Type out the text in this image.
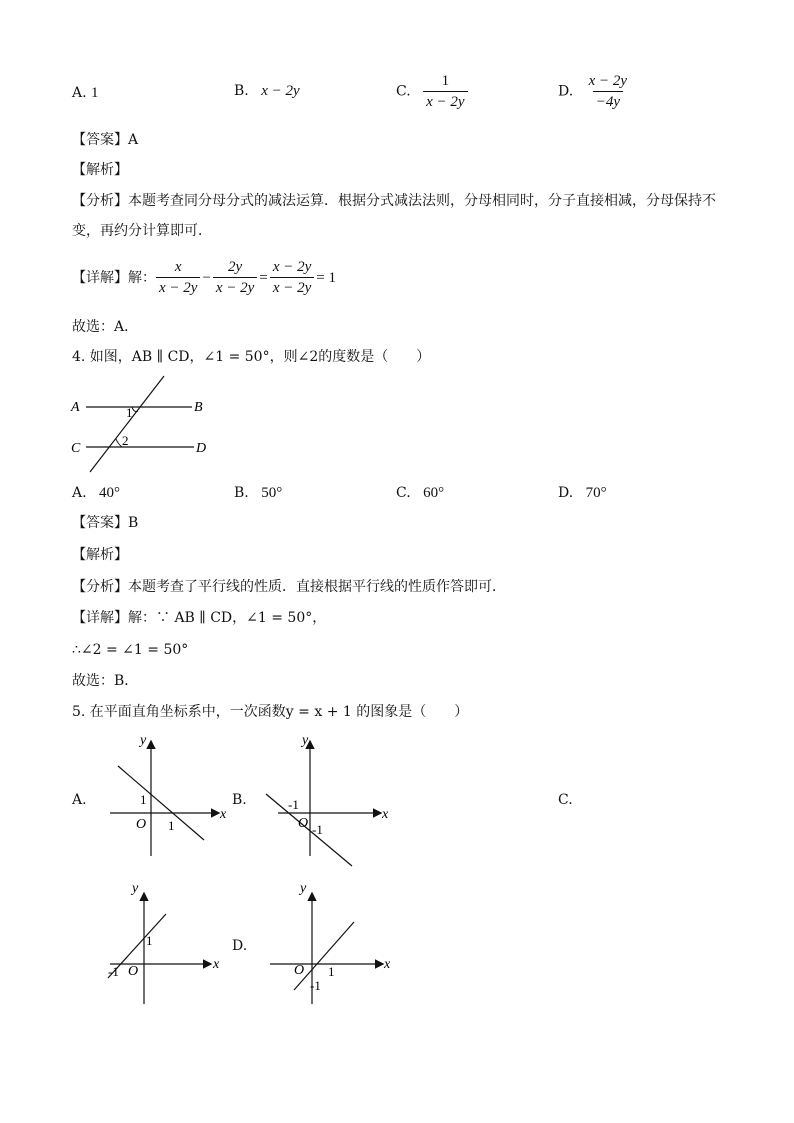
A. 1	B. x − 2y	C. $\frac{1}{x - 2y}$	D. $\frac{x - 2y}{-4y}$
【答案】A
【解析】
【分析】本题考查同分母分式的减法运算．根据分式减法法则，分母相同时，分子直接相减，分母保持不
变，再约分计算即可．
【详解】解： $\frac{x}{x - 2y} - \frac{2y}{x - 2y} = \frac{x - 2y}{x - 2y} = 1$
故选：A．
4. 如图，AB ∥ CD，∠1 = 50°，则∠2的度数是（　　）
A	B
C	D
1
2
A. 40°	B. 50°	C. 60°	D. 70°
【答案】B
【解析】
【分析】本题考查了平行线的性质．直接根据平行线的性质作答即可．
【详解】解：∵ AB ∥ CD，∠1 = 50°，
∴∠2 = ∠1 = 50°
故选：B．
5. 在平面直角坐标系中，一次函数y = x + 1 的图象是（　　）
A.	B.	C.
D.
x
y
O
1
1
x
y
O -1
-1
x
y
O
1
-1	x
y
O 1
-1
